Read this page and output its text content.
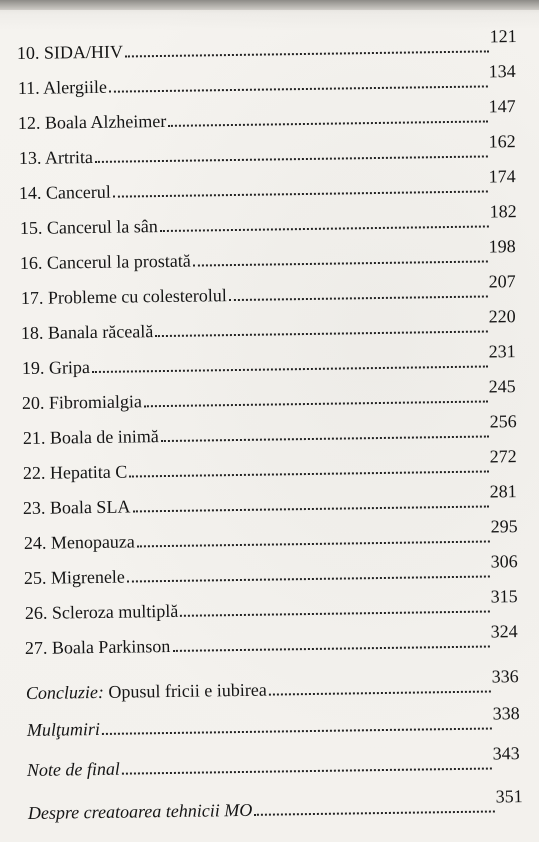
10. SIDA/HIV
121
11. Alergiile
134
12. Boala Alzheimer
147
13. Artrita
162
14. Cancerul
174
15. Cancerul la sân
182
16. Cancerul la prostată
198
17. Probleme cu colesterolul
207
18. Banala răceală
220
19. Gripa
231
20. Fibromialgia
245
21. Boala de inimă
256
22. Hepatita C
272
23. Boala SLA
281
24. Menopauza
295
25. Migrenele
306
26. Scleroza multiplă
315
27. Boala Parkinson
324
Concluzie: Opusul fricii e iubirea
336
Mulţumiri
338
Note de final
343
Despre creatoarea tehnicii MO
351
